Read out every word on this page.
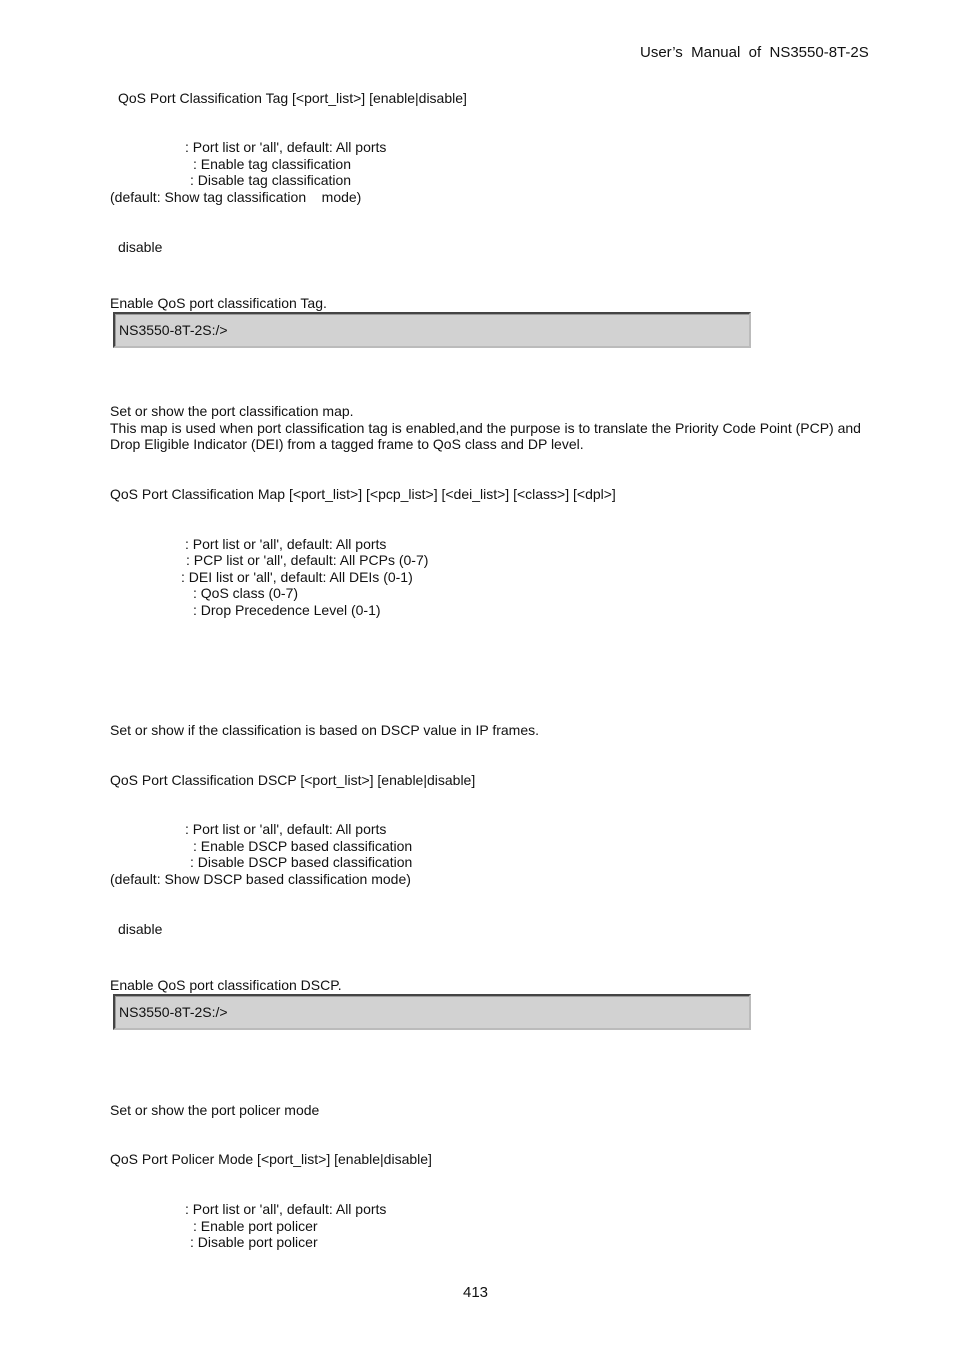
User’s  Manual  of  NS3550-8T-2S
QoS Port Classification Tag [<port_list>] [enable|disable]
: Port list or 'all', default: All ports
: Enable tag classification
: Disable tag classification
(default: Show tag classification    mode)
disable
Enable QoS port classification Tag.
NS3550-8T-2S:/>
Set or show the port classification map.
This map is used when port classification tag is enabled,and the purpose is to translate the Priority Code Point (PCP) and
Drop Eligible Indicator (DEI) from a tagged frame to QoS class and DP level.
QoS Port Classification Map [<port_list>] [<pcp_list>] [<dei_list>] [<class>] [<dpl>]
: Port list or 'all', default: All ports
: PCP list or 'all', default: All PCPs (0-7)
: DEI list or 'all', default: All DEIs (0-1)
: QoS class (0-7)
: Drop Precedence Level (0-1)
Set or show if the classification is based on DSCP value in IP frames.
QoS Port Classification DSCP [<port_list>] [enable|disable]
: Port list or 'all', default: All ports
: Enable DSCP based classification
: Disable DSCP based classification
(default: Show DSCP based classification mode)
disable
Enable QoS port classification DSCP.
NS3550-8T-2S:/>
Set or show the port policer mode
QoS Port Policer Mode [<port_list>] [enable|disable]
: Port list or 'all', default: All ports
: Enable port policer
: Disable port policer
413
